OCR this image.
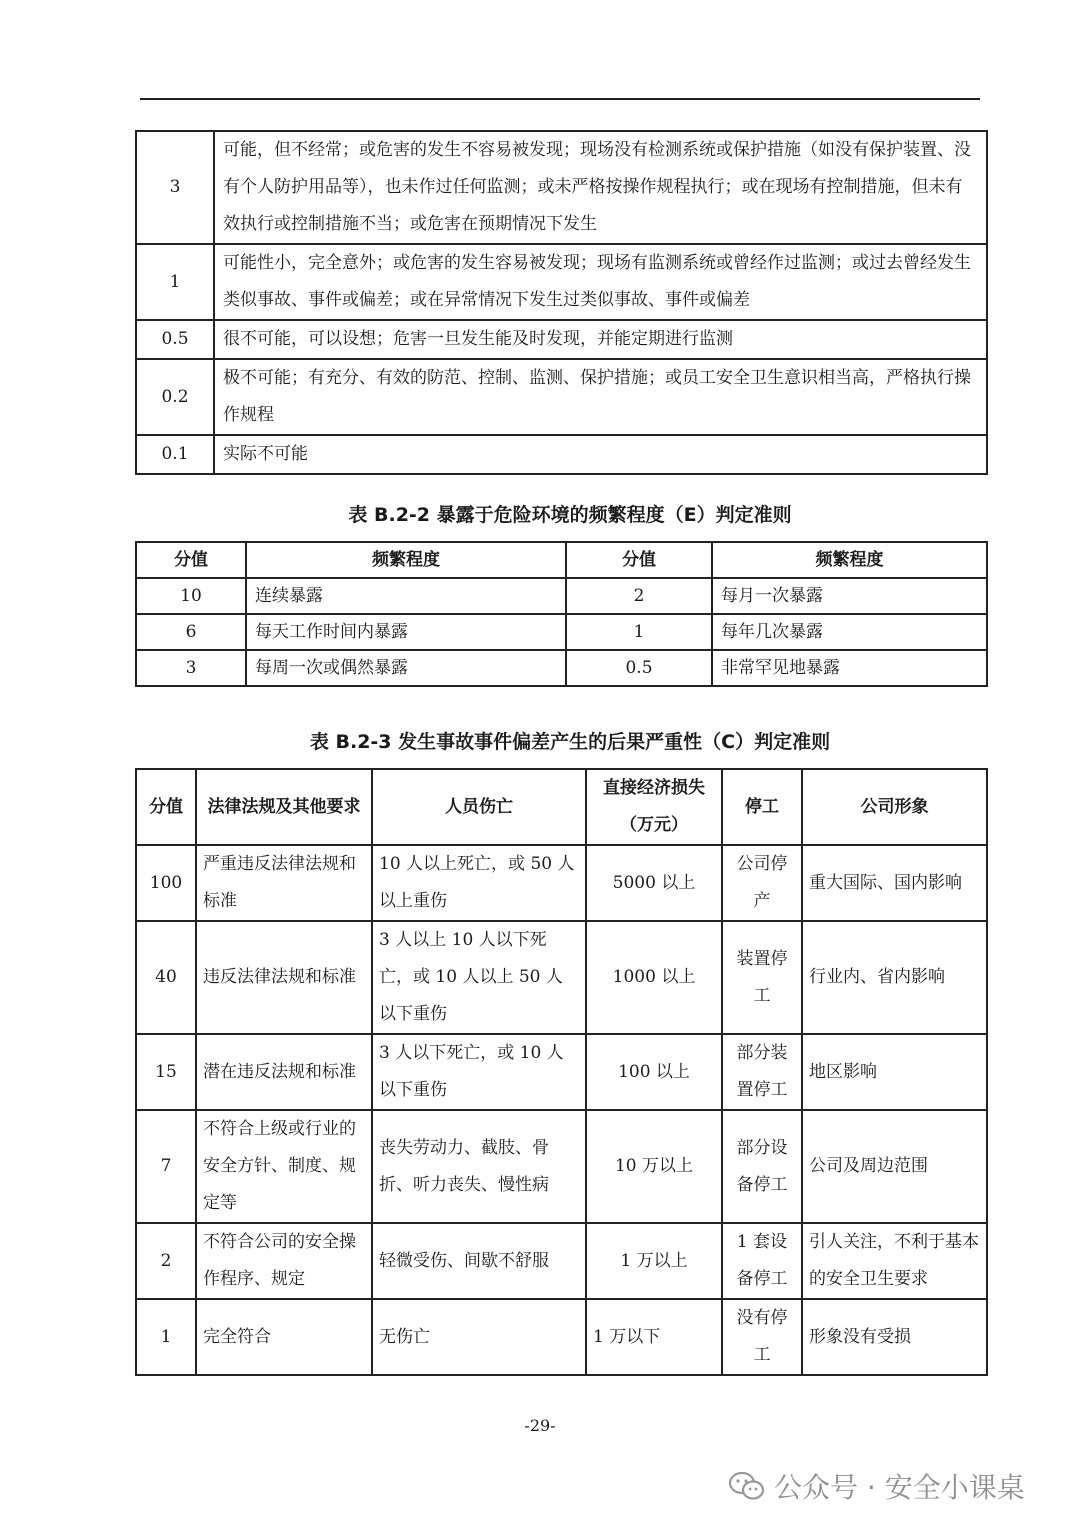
3	可能，但不经常；或危害的发生不容易被发现；现场没有检测系统或保护措施（如没有保护装置、没有个人防护用品等），也未作过任何监测；或未严格按操作规程执行；或在现场有控制措施，但未有效执行或控制措施不当；或危害在预期情况下发生
1	可能性小，完全意外；或危害的发生容易被发现；现场有监测系统或曾经作过监测；或过去曾经发生类似事故、事件或偏差；或在异常情况下发生过类似事故、事件或偏差
0.5	很不可能，可以设想；危害一旦发生能及时发现，并能定期进行监测
0.2	极不可能；有充分、有效的防范、控制、监测、保护措施；或员工安全卫生意识相当高，严格执行操作规程
0.1	实际不可能
表 B.2-2 暴露于危险环境的频繁程度（E）判定准则
分值	频繁程度	分值	频繁程度
10	连续暴露	2	每月一次暴露
6	每天工作时间内暴露	1	每年几次暴露
3	每周一次或偶然暴露	0.5	非常罕见地暴露
表 B.2-3 发生事故事件偏差产生的后果严重性（C）判定准则
分值	法律法规及其他要求	人员伤亡	直接经济损失（万元）	停工	公司形象
100	严重违反法律法规和标准	10 人以上死亡，或 50 人以上重伤	5000 以上	公司停产	重大国际、国内影响
40	违反法律法规和标准	3 人以上 10 人以下死亡，或 10 人以上 50 人以下重伤	1000 以上	装置停工	行业内、省内影响
15	潜在违反法规和标准	3 人以下死亡，或 10 人以下重伤	100 以上	部分装置停工	地区影响
7	不符合上级或行业的安全方针、制度、规定等	丧失劳动力、截肢、骨折、听力丧失、慢性病	10 万以上	部分设备停工	公司及周边范围
2	不符合公司的安全操作程序、规定	轻微受伤、间歇不舒服	1 万以上	1 套设备停工	引人关注，不利于基本的安全卫生要求
1	完全符合	无伤亡	1 万以下	没有停工	形象没有受损
-29-
公众号 · 安全小课桌
